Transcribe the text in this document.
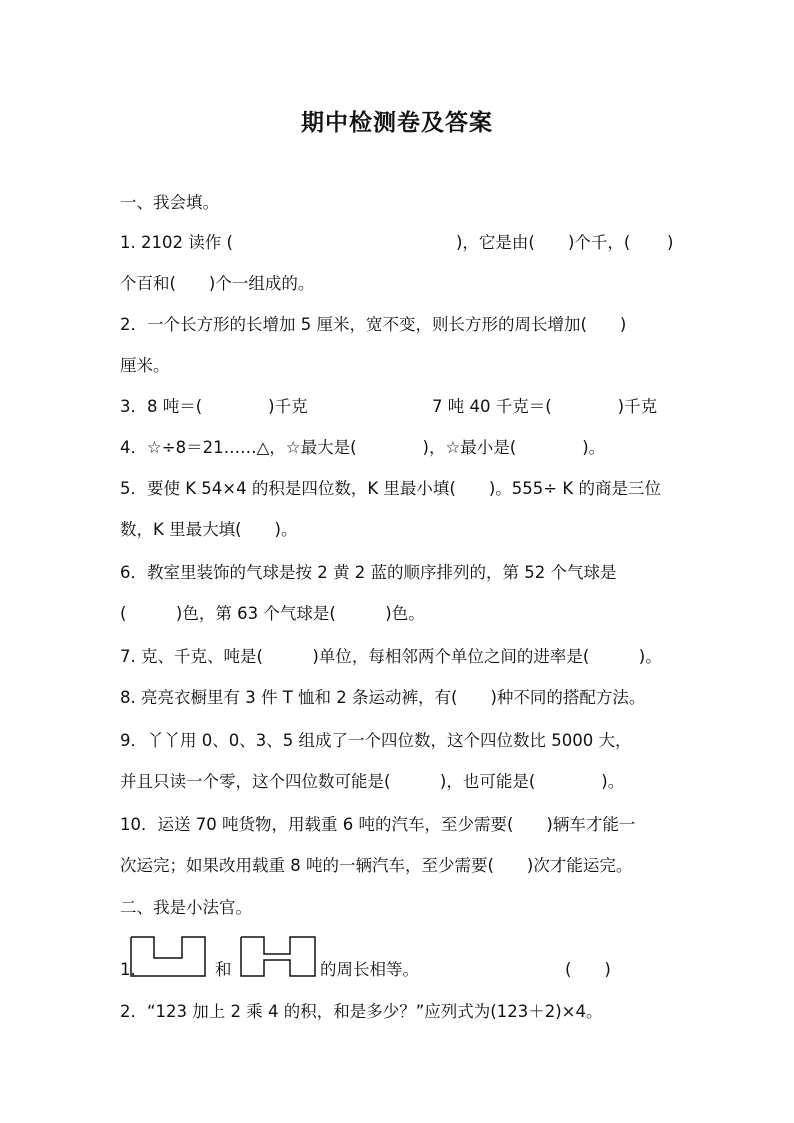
期中检测卷及答案
一、我会填。
1. 2102 读作 (	)，它是由( )个千，( )
个百和(　　)个一组成的。
2．一个长方形的长增加 5 厘米，宽不变，则长方形的周长增加(　　)
厘米。
3．8 吨＝(　　　　)千克	7 吨 40 千克＝(　　　　)千克
4．☆÷8＝21……△，☆最大是(　　　　)，☆最小是(　　　　)。
5．要使 K 54×4 的积是四位数，K 里最小填(　　)。555÷ K 的商是三位
数，K 里最大填(　　)。
6．教室里装饰的气球是按 2 黄 2 蓝的顺序排列的，第 52 个气球是
(　　　)色，第 63 个气球是(　　　)色。
7. 克、千克、吨是(　　　)单位，每相邻两个单位之间的进率是(　　　)。
8. 亮亮衣橱里有 3 件 T 恤和 2 条运动裤，有(　　)种不同的搭配方法。
9．丫丫用 0、0、3、5 组成了一个四位数，这个四位数比 5000 大，
并且只读一个零，这个四位数可能是(　　　)，也可能是(　　　　)。
10．运送 70 吨货物，用载重 6 吨的汽车，至少需要(　　)辆车才能一
次运完；如果改用载重 8 吨的一辆汽车，至少需要(　　)次才能运完。
二、我是小法官。
1.	和	的周长相等。	(　　)
2．“123 加上 2 乘 4 的积，和是多少？”应列式为(123＋2)×4。
